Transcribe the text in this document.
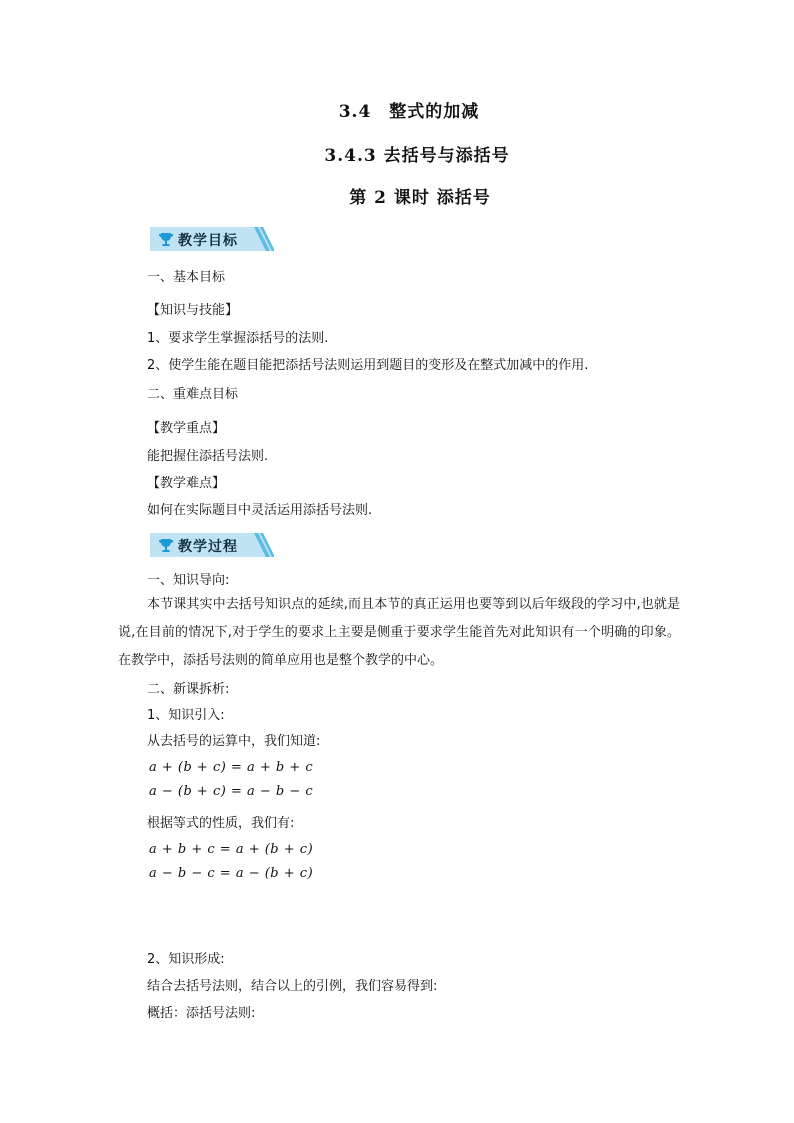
3.4　整式的加减
3.4.3 去括号与添括号
第 2 课时 添括号
教学目标
一、基本目标
【知识与技能】
1、要求学生掌握添括号的法则.
2、使学生能在题目能把添括号法则运用到题目的变形及在整式加减中的作用.
二、重难点目标
【教学重点】
能把握住添括号法则.
【教学难点】
如何在实际题目中灵活运用添括号法则.
教学过程
一、知识导向:
本节课其实中去括号知识点的延续,而且本节的真正运用也要等到以后年级段的学习中,也就是说,在目前的情况下,对于学生的要求上主要是侧重于要求学生能首先对此知识有一个明确的印象。在教学中，添括号法则的简单应用也是整个教学的中心。
二、新课拆析:
1、知识引入:
从去括号的运算中，我们知道:
a + (b + c) = a + b + c
a − (b + c) = a − b − c
根据等式的性质，我们有:
a + b + c = a + (b + c)
a − b − c = a − (b + c)
2、知识形成:
结合去括号法则，结合以上的引例，我们容易得到:
概括：添括号法则:
